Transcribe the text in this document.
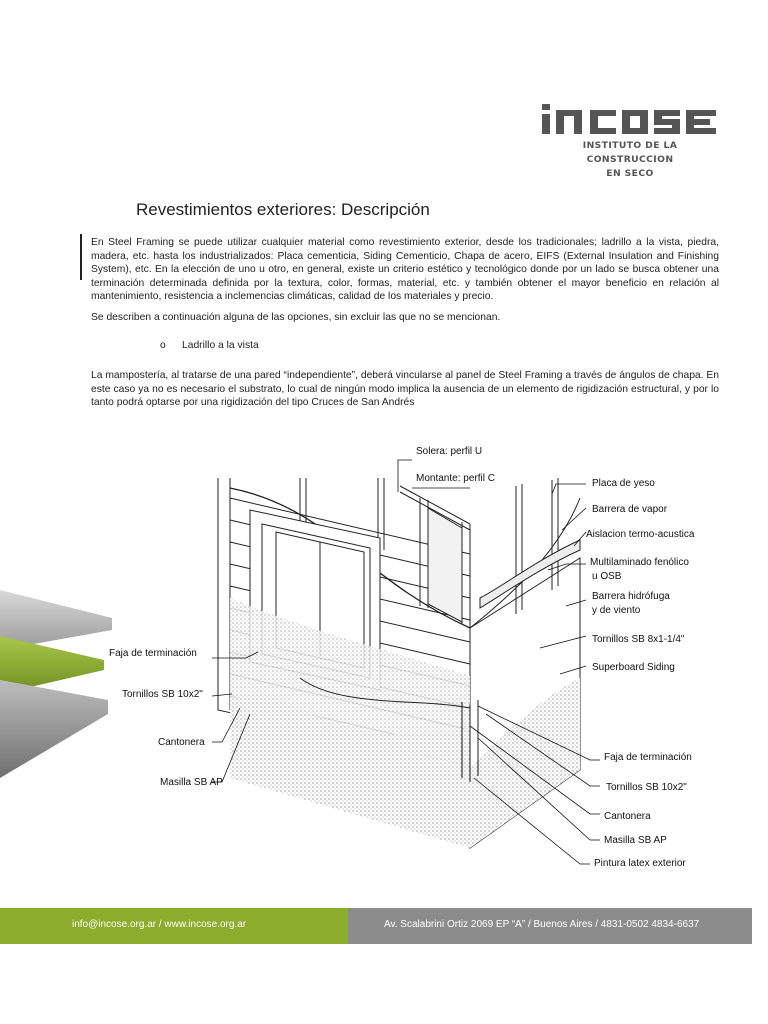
INSTITUTO DE LA CONSTRUCCION
EN SECO
Revestimientos exteriores: Descripción

En Steel Framing se puede utilizar cualquier material como revestimiento exterior, desde los tradicionales; ladrillo a la vista, piedra, madera, etc. hasta los industrializados: Placa cementicia, Siding Cementicio, Chapa de acero, EIFS (External Insulation and Finishing System), etc. En la elección de uno u otro, en general, existe un criterio estético y tecnológico donde por un lado se busca obtener una terminación determinada definida por la textura, color, formas, material, etc. y también obtener el mayor beneficio en relación al mantenimiento, resistencia a inclemencias climáticas, calidad de los materiales y precio.

Se describen a continuación alguna de las opciones, sin excluir las que no se mencionan.

o Ladrillo a la vista

La mampostería, al tratarse de una pared “independiente”, deberá vincularse al panel de Steel Framing a través de ángulos de chapa. En este caso ya no es necesario el substrato, lo cual de ningún modo implica la ausencia de un elemento de rigidización estructural, y por lo tanto podrá optarse por una rigidización del tipo Cruces de San Andrés

Solera: perfil U
Montante: perfil C	Placa de yeso
Barrera de vapor
Aislacion termo-acustica
Multilaminado fenólico
u OSB
Barrera hidrófuga
y de viento
Tornillos SB 8x1-1/4"
Superboard Siding
Faja de terminación
Tornillos SB 10x2"
Cantonera
Masilla SB AP
Faja de terminación
Tornillos SB 10x2"
Cantonera
Masilla SB AP
Pintura latex exterior
info@incose.org.ar / www.incose.org.ar	Av. Scalabrini Ortiz 2069 EP “A” / Buenos Aires / 4831-0502 4834-6637
